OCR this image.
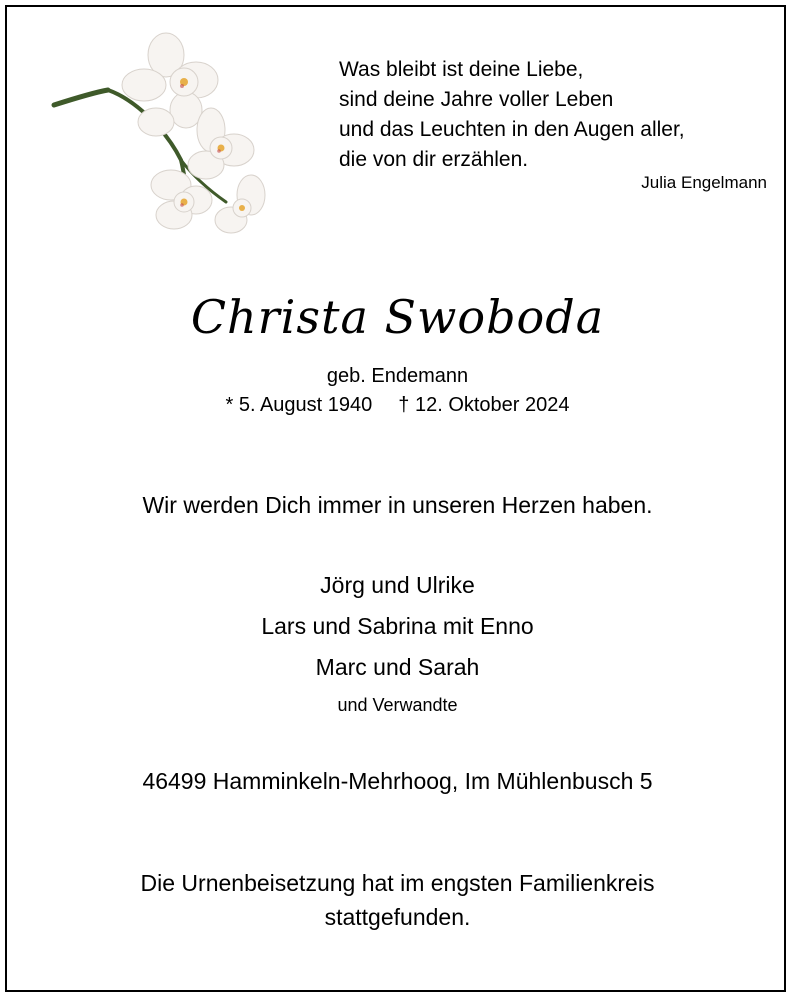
Was bleibt ist deine Liebe,
sind deine Jahre voller Leben
und das Leuchten in den Augen aller,
die von dir erzählen.
Julia Engelmann
Christa Swoboda
geb. Endemann
* 5. August 1940 † 12. Oktober 2024
Wir werden Dich immer in unseren Herzen haben.
Jörg und Ulrike
Lars und Sabrina mit Enno
Marc und Sarah
und Verwandte
46499 Hamminkeln-Mehrhoog, Im Mühlenbusch 5
Die Urnenbeisetzung hat im engsten Familienkreis
stattgefunden.
